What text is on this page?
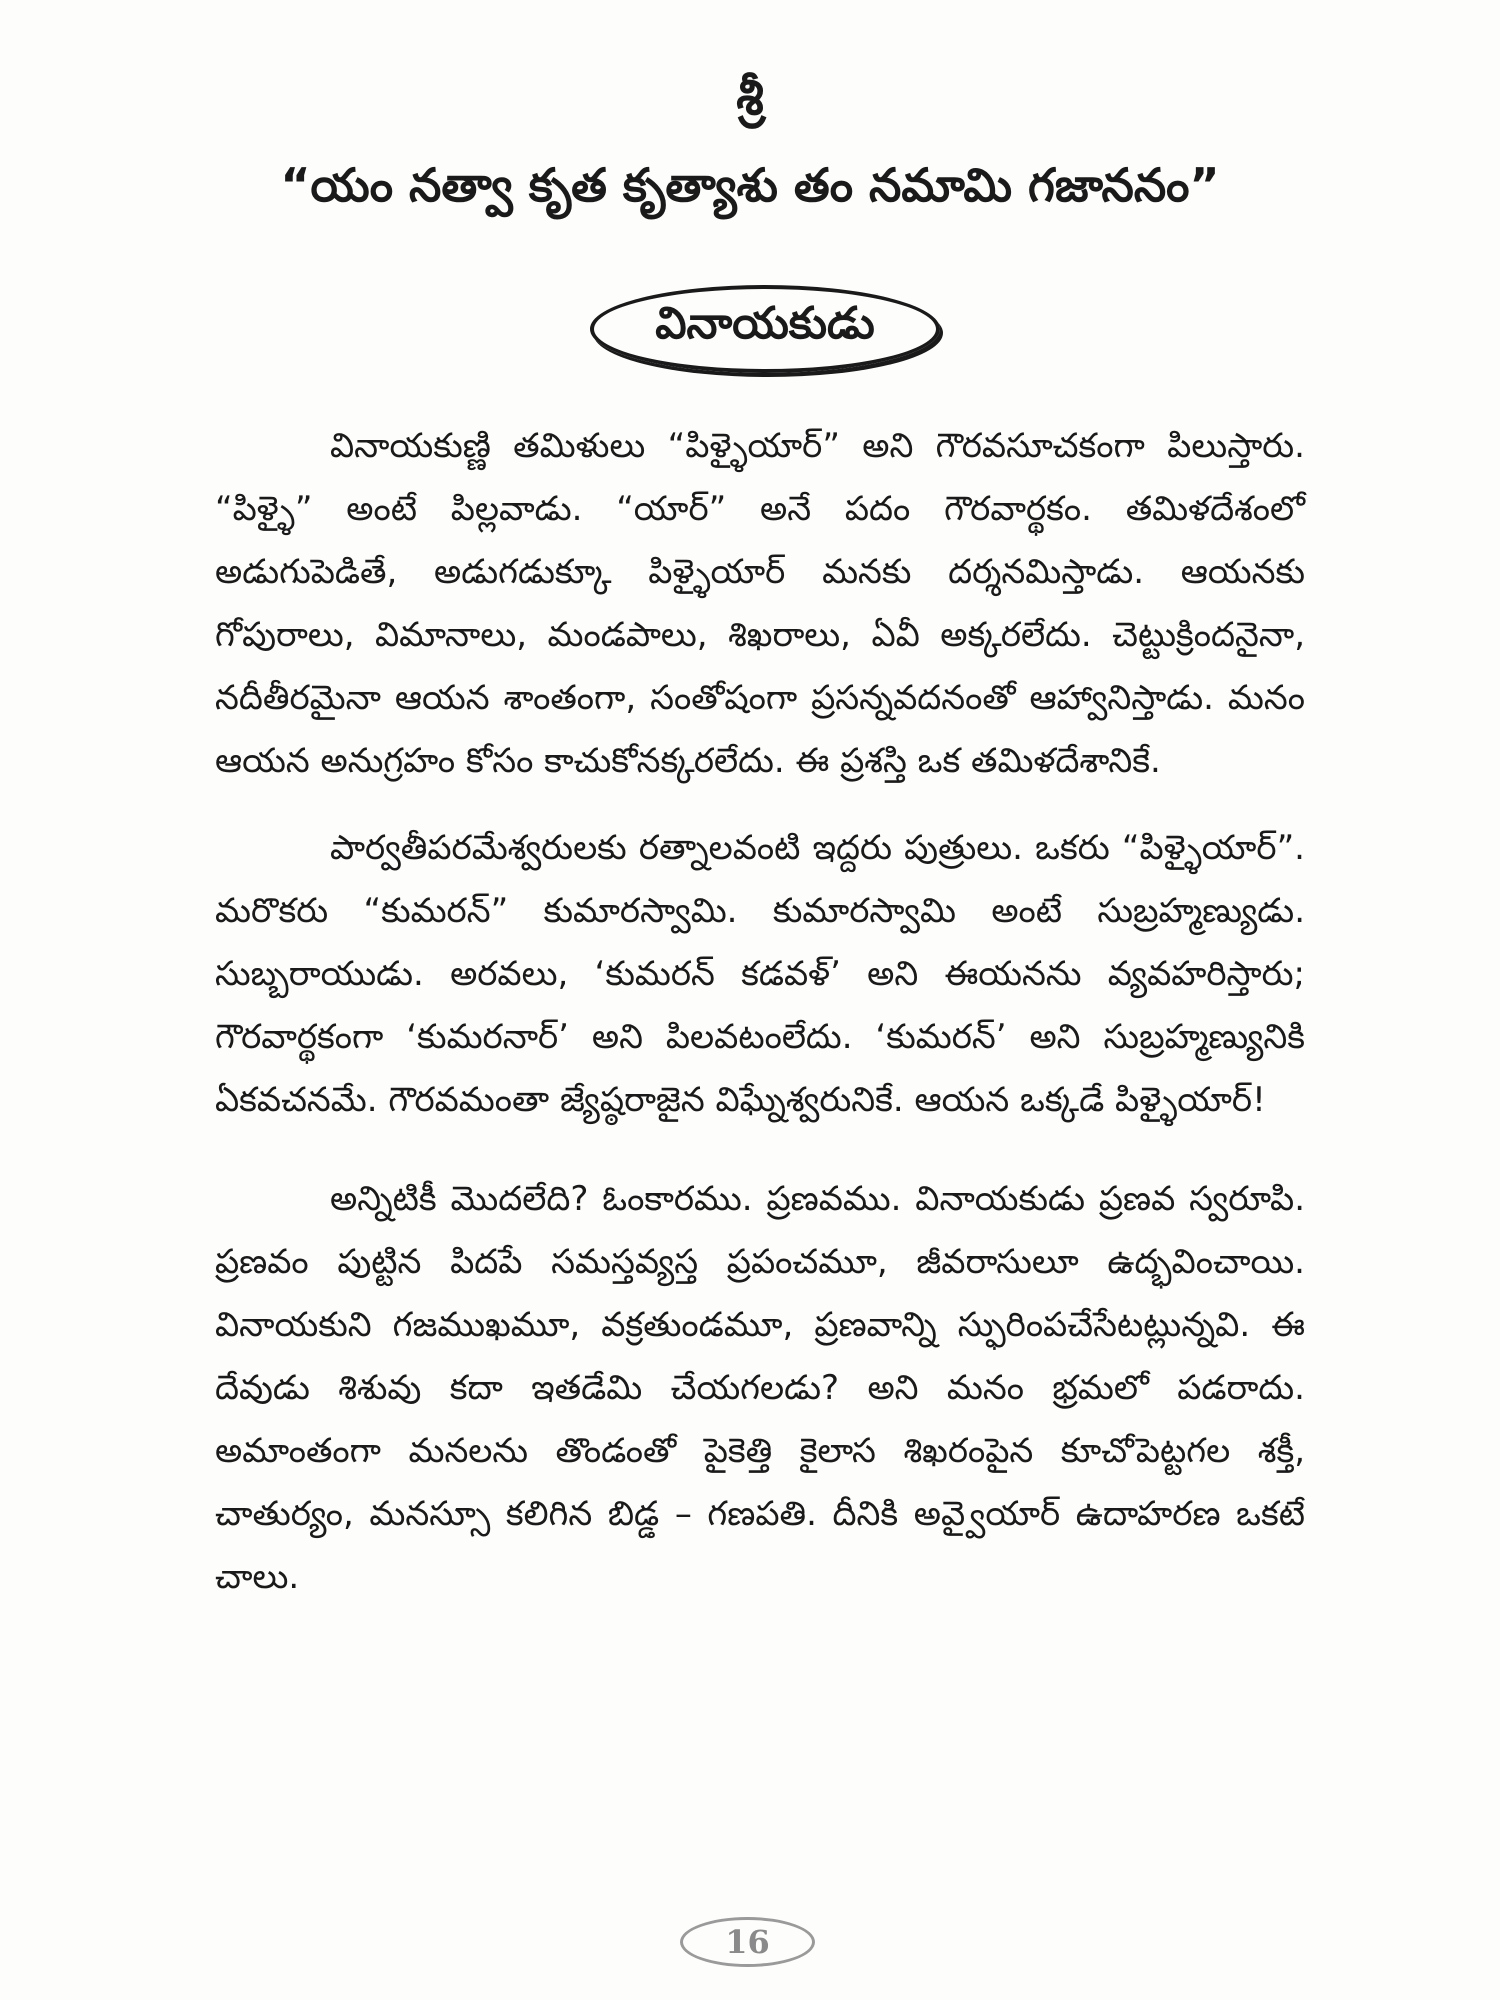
శ్రీ
“యం నత్వా కృత కృత్యాశు తం నమామి గజాననం”
వినాయకుడు

వినాయకుణ్ణి తమిళులు “పిళ్ళైయార్” అని గౌరవసూచకంగా పిలుస్తారు. “పిళ్ళై” అంటే పిల్లవాడు. “యార్” అనే పదం గౌరవార్థకం. తమిళదేశంలో అడుగుపెడితే, అడుగడుక్కూ పిళ్ళైయార్ మనకు దర్శనమిస్తాడు. ఆయనకు గోపురాలు, విమానాలు, మండపాలు, శిఖరాలు, ఏవీ అక్కరలేదు. చెట్టుక్రిందనైనా, నదీతీరమైనా ఆయన శాంతంగా, సంతోషంగా ప్రసన్నవదనంతో ఆహ్వానిస్తాడు. మనం ఆయన అనుగ్రహం కోసం కాచుకోనక్కరలేదు. ఈ ప్రశస్తి ఒక తమిళదేశానికే.

పార్వతీపరమేశ్వరులకు రత్నాలవంటి ఇద్దరు పుత్రులు. ఒకరు “పిళ్ళైయార్”. మరొకరు “కుమరన్” కుమారస్వామి. కుమారస్వామి అంటే సుబ్రహ్మణ్యుడు. సుబ్బరాయుడు. అరవలు, ‘కుమరన్ కడవళ్’ అని ఈయనను వ్యవహరిస్తారు; గౌరవార్థకంగా ‘కుమరనార్’ అని పిలవటంలేదు. ‘కుమరన్’ అని సుబ్రహ్మణ్యునికి ఏకవచనమే. గౌరవమంతా జ్యేష్ఠరాజైన విఘ్నేశ్వరునికే. ఆయన ఒక్కడే పిళ్ళైయార్!

అన్నిటికీ మొదలేది? ఓంకారము. ప్రణవము. వినాయకుడు ప్రణవ స్వరూపి. ప్రణవం పుట్టిన పిదపే సమస్తవ్యస్త ప్రపంచమూ, జీవరాసులూ ఉద్భవించాయి. వినాయకుని గజముఖమూ, వక్రతుండమూ, ప్రణవాన్ని స్ఫురింపచేసేటట్లున్నవి. ఈ దేవుడు శిశువు కదా ఇతడేమి చేయగలడు? అని మనం భ్రమలో పడరాదు. అమాంతంగా మనలను తొండంతో పైకెత్తి కైలాస శిఖరంపైన కూచోపెట్టగల శక్తీ, చాతుర్యం, మనస్సూ కలిగిన బిడ్డ – గణపతి. దీనికి అవ్వైయార్ ఉదాహరణ ఒకటే చాలు.

16
